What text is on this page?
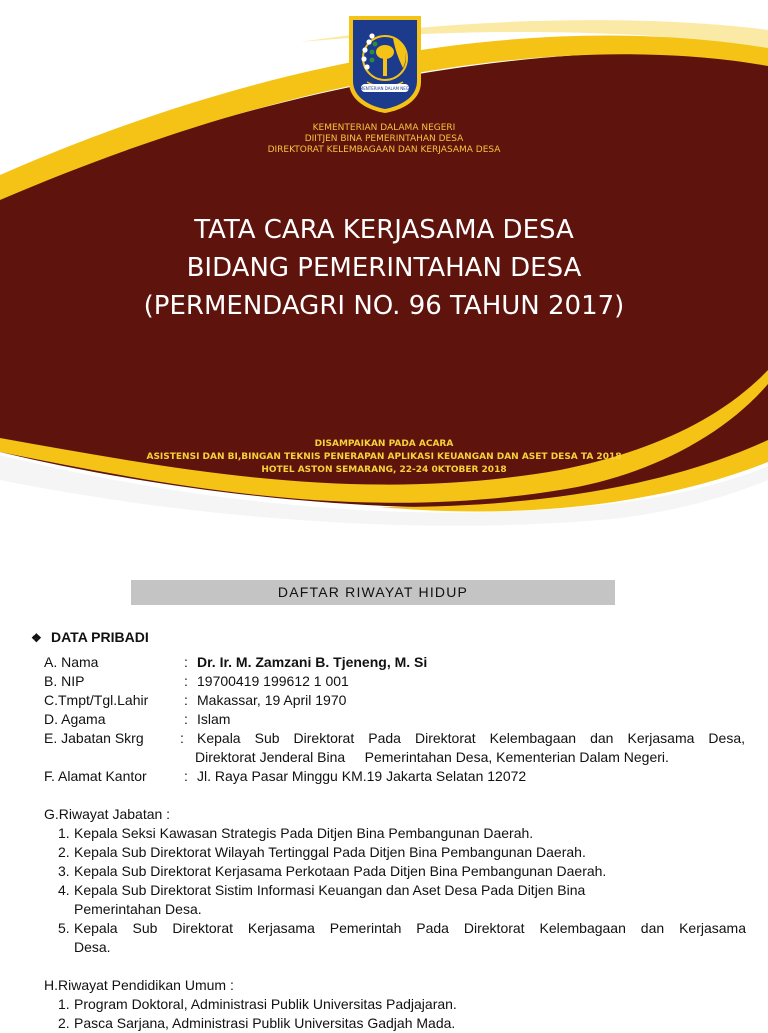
KEMENTERIAN DALAM NEGERI
KEMENTERIAN DALAMA NEGERI
DIITJEN BINA PEMERINTAHAN DESA
DIREKTORAT KELEMBAGAAN DAN KERJASAMA DESA
TATA CARA KERJASAMA DESA
BIDANG PEMERINTAHAN DESA
(PERMENDAGRI NO. 96 TAHUN 2017)
DISAMPAIKAN PADA ACARA
ASISTENSI DAN BI,BINGAN TEKNIS PENERAPAN APLIKASI KEUANGAN DAN ASET DESA TA 2018
HOTEL ASTON SEMARANG, 22-24 0KTOBER 2018
DAFTAR RIWAYAT HIDUP
❖ DATA PRIBADI
A. Nama	: Dr. Ir. M. Zamzani B. Tjeneng, M. Si
B. NIP	: 19700419 199612 1 001
C.Tmpt/Tgl.Lahir	: Makassar, 19 April 1970
D. Agama	: Islam
E. Jabatan Skrg	: Kepala Sub Direktorat Pada Direktorat Kelembagaan dan Kerjasama Desa,
Direktorat Jenderal Bina     Pemerintahan Desa, Kementerian Dalam Negeri.
F. Alamat Kantor	: Jl. Raya Pasar Minggu KM.19 Jakarta Selatan 12072
G.Riwayat Jabatan :
1. Kepala Seksi Kawasan Strategis Pada Ditjen Bina Pembangunan Daerah.
2. Kepala Sub Direktorat Wilayah Tertinggal Pada Ditjen Bina Pembangunan Daerah.
3. Kepala Sub Direktorat Kerjasama Perkotaan Pada Ditjen Bina Pembangunan Daerah.
4. Kepala Sub Direktorat Sistim Informasi Keuangan dan Aset Desa Pada Ditjen Bina
Pemerintahan Desa.
5. Kepala Sub Direktorat Kerjasama Pemerintah Pada Direktorat Kelembagaan dan Kerjasama
Desa.
H.Riwayat Pendidikan Umum :
1. Program Doktoral, Administrasi Publik Universitas Padjajaran.
2. Pasca Sarjana, Administrasi Publik Universitas Gadjah Mada.
